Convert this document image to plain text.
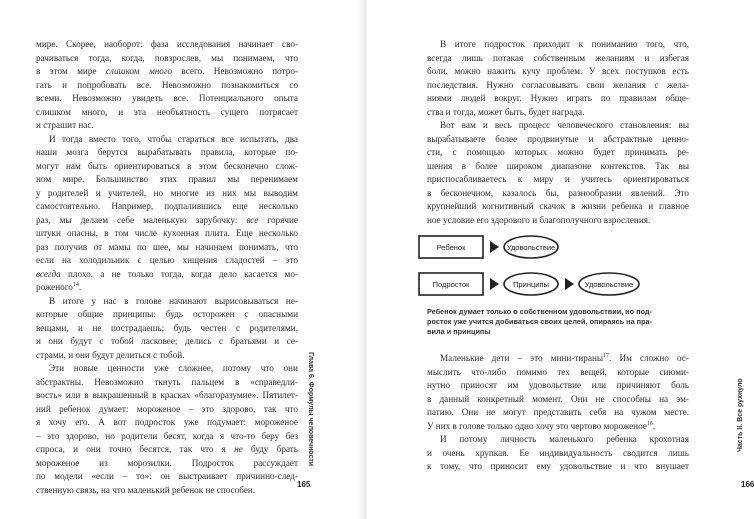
мире. Скорее, наоборот: фаза исследования начинает сво-
рачиваться тогда, когда, повзрослев, мы понимаем, что
в этом мире слишком много всего. Невозможно потро-
гать и попробовать все. Невозможно познакомиться со
всеми. Невозможно увидеть все. Потенциального опыта
слишком много, и эта необъятность сущего потрясает
и страшит нас.
И тогда вместо того, чтобы стараться все испытать, два
наши мозга берутся вырабатывать правила, которые по-
могут нам быть ориентироваться в этом бесконечно слож-
ном мире. Большинство этих правил мы перенимаем
у родителей и учителей, но многие из них мы выводим
самостоятельно. Например, подпалившись еще несколько
раз, мы делаем себе маленькую зарубочку: все горячие
штуки опасны, в том числе кухонная плита. Еще несколько
раз получив от мамы по шее, мы начинаем понимать, что
если на холодильник с целью хищения сладостей – это
всегда плохо, а не только тогда, когда дело касается мо-
роженого$^{14}$.
В итоге у нас в голове начинают вырисовываться не-
которые общие принципы: будь осторожен с опасными
вещами, и не пострадаешь; будь честен с родителями,
и они будут с тобой ласковее; делись с братьями и се-
страми, и они будут делиться с тобой.
Эти новые ценности уже сложнее, потому что они
абстрактны. Невозможно ткнуть пальцем в «справедли-
вость» или в выкрашенный в красках «благоразумие». Пятилет-
ний ребенок думает: мороженое – это здорово, так что
я хочу его. А вот подросток уже подумает: мороженое
– это здорово, но родители бесят, когда я что-то беру без
спроса, и они точно бесятся, так что я не буду брать
мороженое из морозилки. Подросток рассуждает
по модели «если – то»: он выстраивает причинно-след-
ственную связь, на что маленький ребенок не способен.
Глава 6. Формулы человечности
165
В итоге подросток приходит к пониманию того, что,
всегда лишь потакая собственным желаниям и избегая
боли, можно нажить кучу проблем. У всех поступков есть
последствия. Нужно согласовывать свои желания с жела-
ниями людей вокруг. Нужно играть по правилам обще-
ства и тогда, может быть, будет награда.
Вот вам и весь процесс человеческого становления: вы
вырабатываете более продвинутые и абстрактные ценно-
сти, с помощью которых можно будет принимать ре-
шения в более широком диапазоне контекстов. Так вы
приспосабливаетесь к миру и учитесь ориентироваться
в бесконечном, казалось бы, разнообразии явлений. Это
крупнейший когнитивный скачок в жизни ребенка и главное
ное условие его здорового и благополучного взросления.
Ребенок	Удовольствие
Подросток	Принципы	Удовольствие
Ребенок думает только о собственном удовольствии, но под-
росток уже учится добиваться своих целей, опираясь на пра-
вила и принципы
Маленькие дети – это мини-тираны$^{17}$. Им сложно ос-
мыслить что-либо помимо тех вещей, которые сиюми-
нутно приносят им удовольствие или причиняют боль
в данный конкретный момент. Они не способны на эм-
патию. Они не могут представить себя на чужом месте.
У них в голове только одно хочу это чертово мороженое$^{16}$.
И потому личность маленького ребенка крохотная
и очень хрупкая. Ее индивидуальность сводится лишь
к тому, что приносит ему удовольствие и что внушает
Часть II. Все рухнуло
166
